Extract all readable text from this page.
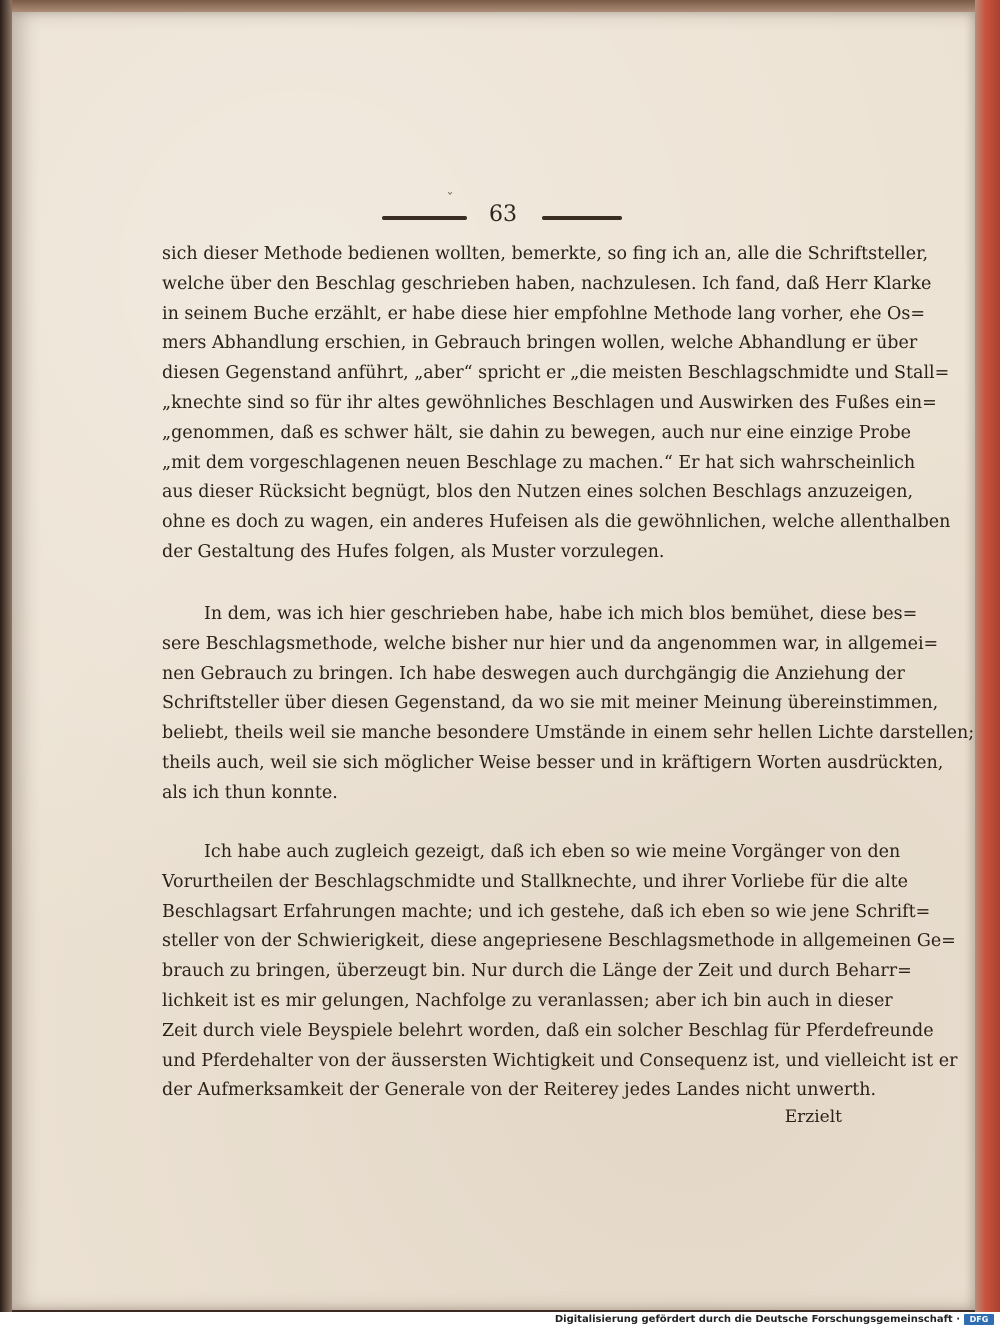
ˇ
63
sich dieser Methode bedienen wollten, bemerkte, so fing ich an, alle die Schriftsteller,
welche über den Beschlag geschrieben haben, nachzulesen. Ich fand, daß Herr Klarke
in seinem Buche erzählt, er habe diese hier empfohlne Methode lang vorher, ehe Os=
mers Abhandlung erschien, in Gebrauch bringen wollen, welche Abhandlung er über
diesen Gegenstand anführt, „aber“ spricht er „die meisten Beschlagschmidte und Stall=
„knechte sind so für ihr altes gewöhnliches Beschlagen und Auswirken des Fußes ein=
„genommen, daß es schwer hält, sie dahin zu bewegen, auch nur eine einzige Probe
„mit dem vorgeschlagenen neuen Beschlage zu machen.“ Er hat sich wahrscheinlich
aus dieser Rücksicht begnügt, blos den Nutzen eines solchen Beschlags anzuzeigen,
ohne es doch zu wagen, ein anderes Hufeisen als die gewöhnlichen, welche allenthalben
der Gestaltung des Hufes folgen, als Muster vorzulegen.
In dem, was ich hier geschrieben habe, habe ich mich blos bemühet, diese bes=
sere Beschlagsmethode, welche bisher nur hier und da angenommen war, in allgemei=
nen Gebrauch zu bringen. Ich habe deswegen auch durchgängig die Anziehung der
Schriftsteller über diesen Gegenstand, da wo sie mit meiner Meinung übereinstimmen,
beliebt, theils weil sie manche besondere Umstände in einem sehr hellen Lichte darstellen;
theils auch, weil sie sich möglicher Weise besser und in kräftigern Worten ausdrückten,
als ich thun konnte.
Ich habe auch zugleich gezeigt, daß ich eben so wie meine Vorgänger von den
Vorurtheilen der Beschlagschmidte und Stallknechte, und ihrer Vorliebe für die alte
Beschlagsart Erfahrungen machte; und ich gestehe, daß ich eben so wie jene Schrift=
steller von der Schwierigkeit, diese angepriesene Beschlagsmethode in allgemeinen Ge=
brauch zu bringen, überzeugt bin. Nur durch die Länge der Zeit und durch Beharr=
lichkeit ist es mir gelungen, Nachfolge zu veranlassen; aber ich bin auch in dieser
Zeit durch viele Beyspiele belehrt worden, daß ein solcher Beschlag für Pferdefreunde
und Pferdehalter von der äussersten Wichtigkeit und Consequenz ist, und vielleicht ist er
der Aufmerksamkeit der Generale von der Reiterey jedes Landes nicht unwerth.
Erzielt
Digitalisierung gefördert durch die Deutsche Forschungsgemeinschaft ·	DFG
